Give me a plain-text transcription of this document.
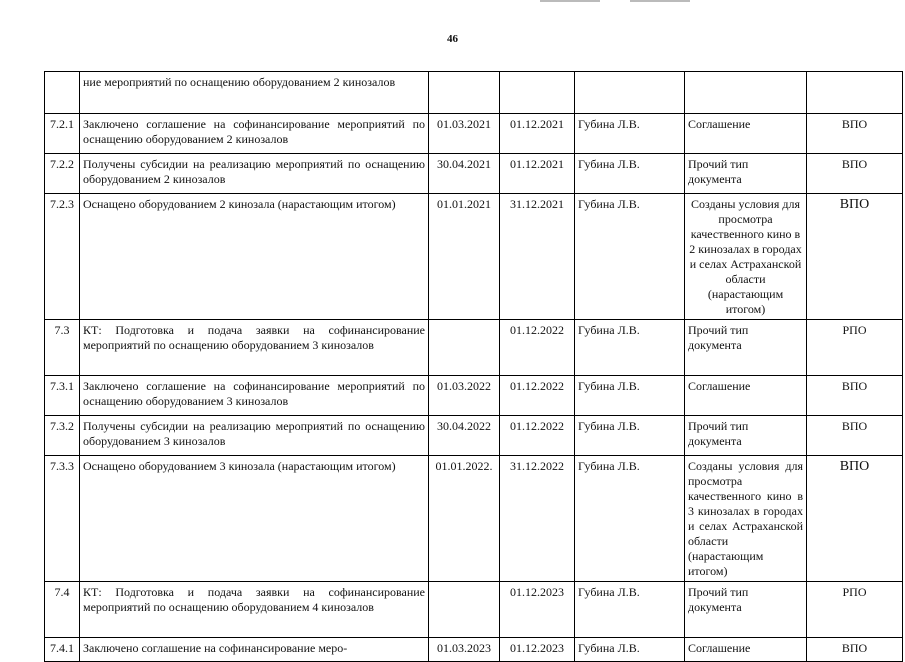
46
	ние мероприятий по оснащению оборудованием 2 кинозалов					
7.2.1	Заключено соглашение на софинансирование мероприятий по оснащению оборудованием 2 кинозалов	01.03.2021	01.12.2021	Губина Л.В.	Соглашение	ВПО
7.2.2	Получены субсидии на реализацию мероприятий по оснащению оборудованием 2 кинозалов	30.04.2021	01.12.2021	Губина Л.В.	Прочий тип документа	ВПО
7.2.3	Оснащено оборудованием 2 кинозала (нарастающим итогом)	01.01.2021	31.12.2021	Губина Л.В.	Созданы условия для просмотра качественного кино в 2 кинозалах в городах и селах Астраханской области (нарастающим итогом)	ВПО
7.3	КТ: Подготовка и подача заявки на софинансирование мероприятий по оснащению оборудованием 3 кинозалов		01.12.2022	Губина Л.В.	Прочий тип документа	РПО
7.3.1	Заключено соглашение на софинансирование мероприятий по оснащению оборудованием 3 кинозалов	01.03.2022	01.12.2022	Губина Л.В.	Соглашение	ВПО
7.3.2	Получены субсидии на реализацию мероприятий по оснащению оборудованием 3 кинозалов	30.04.2022	01.12.2022	Губина Л.В.	Прочий тип документа	ВПО
7.3.3	Оснащено оборудованием 3 кинозала (нарастающим итогом)	01.01.2022.	31.12.2022	Губина Л.В.	Созданы условия для просмотра качественного кино в 3 кинозалах в городах и селах Астраханской области (нарастающим итогом)	ВПО
7.4	КТ: Подготовка и подача заявки на софинансирование мероприятий по оснащению оборудованием 4 кинозалов		01.12.2023	Губина Л.В.	Прочий тип документа	РПО
7.4.1	Заключено соглашение на софинансирование меро-	01.03.2023	01.12.2023	Губина Л.В.	Соглашение	ВПО
